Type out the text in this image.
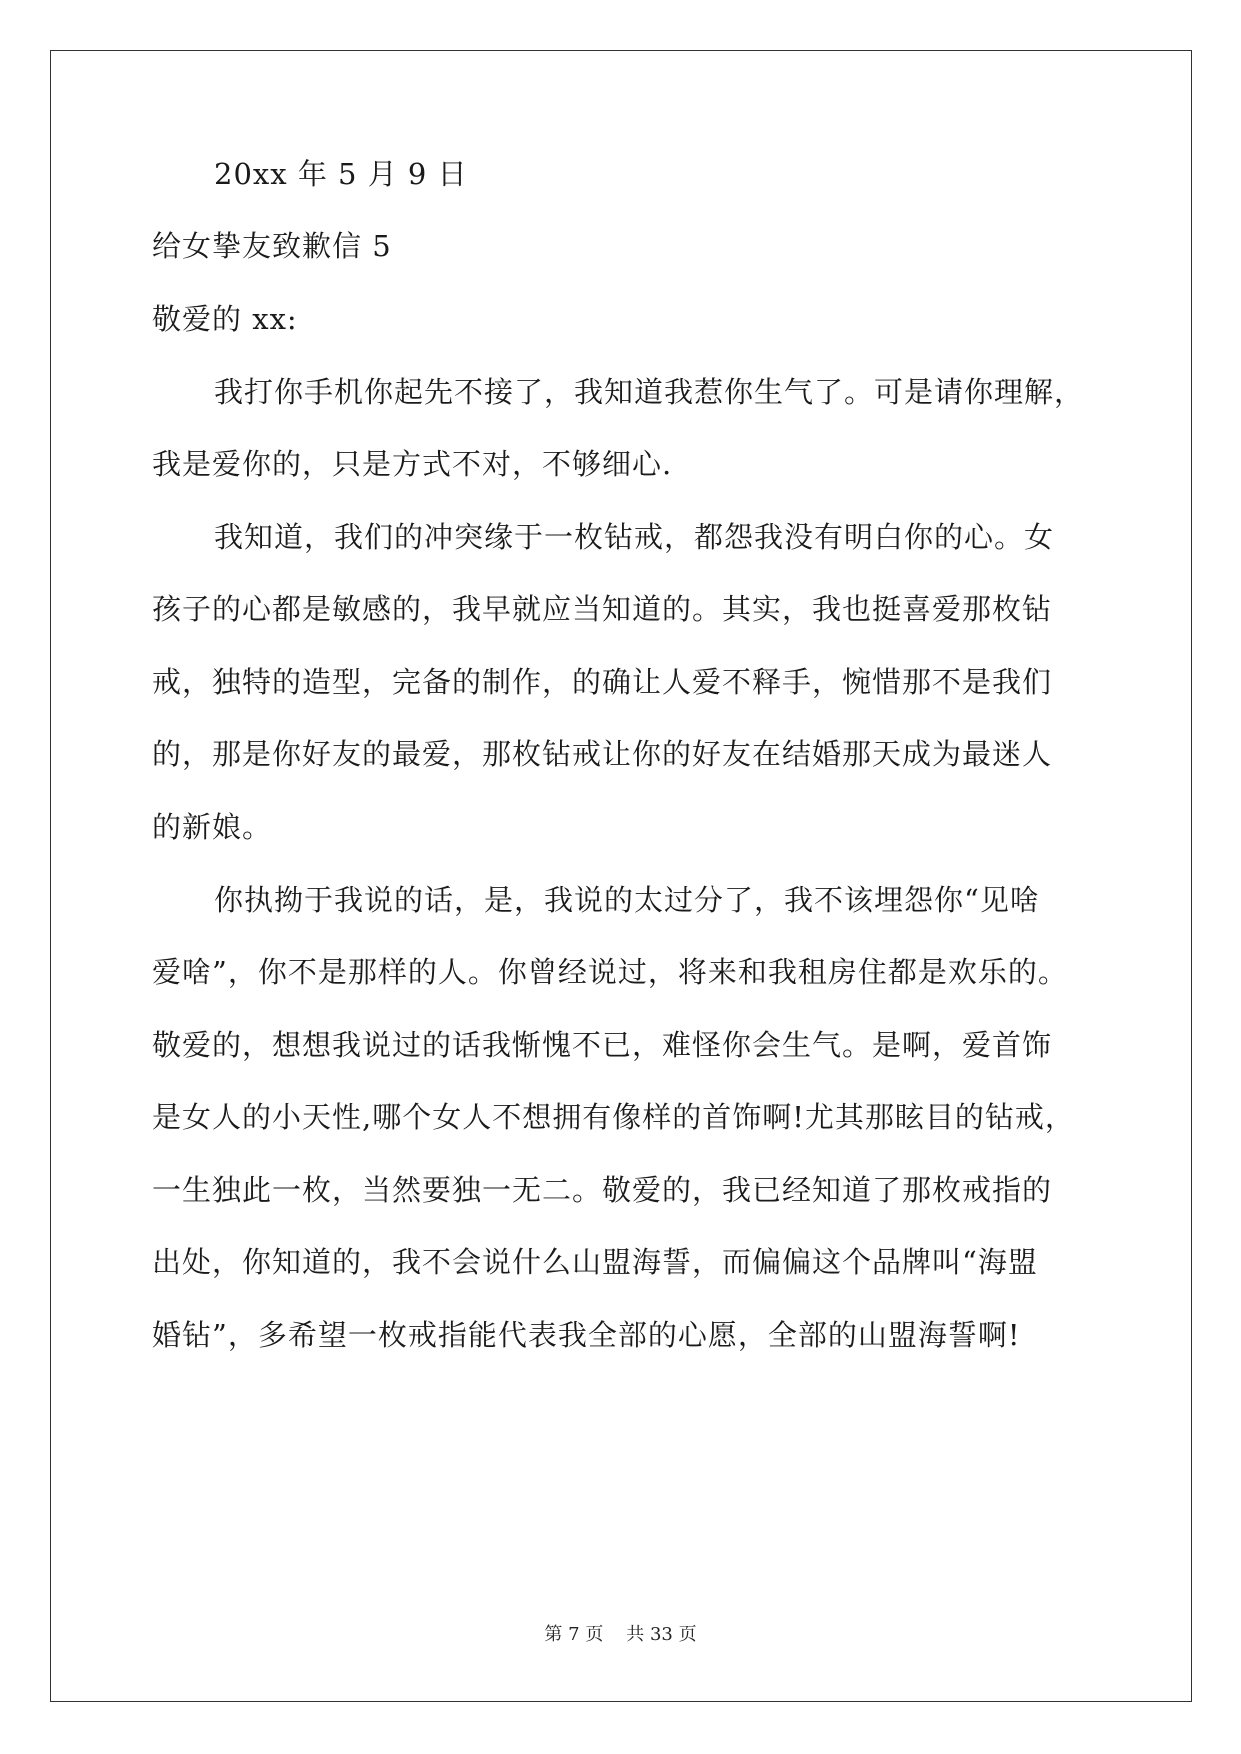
20xx 年 5 月 9 日
给女挚友致歉信 5
敬爱的 xx:
我打你手机你起先不接了，我知道我惹你生气了。可是请你理解，
我是爱你的，只是方式不对，不够细心.
我知道，我们的冲突缘于一枚钻戒，都怨我没有明白你的心。女
孩子的心都是敏感的，我早就应当知道的。其实，我也挺喜爱那枚钻
戒，独特的造型，完备的制作，的确让人爱不释手，惋惜那不是我们
的，那是你好友的最爱，那枚钻戒让你的好友在结婚那天成为最迷人
的新娘。
你执拗于我说的话，是，我说的太过分了，我不该埋怨你“见啥
爱啥”，你不是那样的人。你曾经说过，将来和我租房住都是欢乐的。
敬爱的，想想我说过的话我惭愧不已，难怪你会生气。是啊，爱首饰
是女人的小天性,哪个女人不想拥有像样的首饰啊!尤其那眩目的钻戒，
一生独此一枚，当然要独一无二。敬爱的，我已经知道了那枚戒指的
出处，你知道的，我不会说什么山盟海誓，而偏偏这个品牌叫“海盟
婚钻”，多希望一枚戒指能代表我全部的心愿，全部的山盟海誓啊!
第 7 页 共 33 页
